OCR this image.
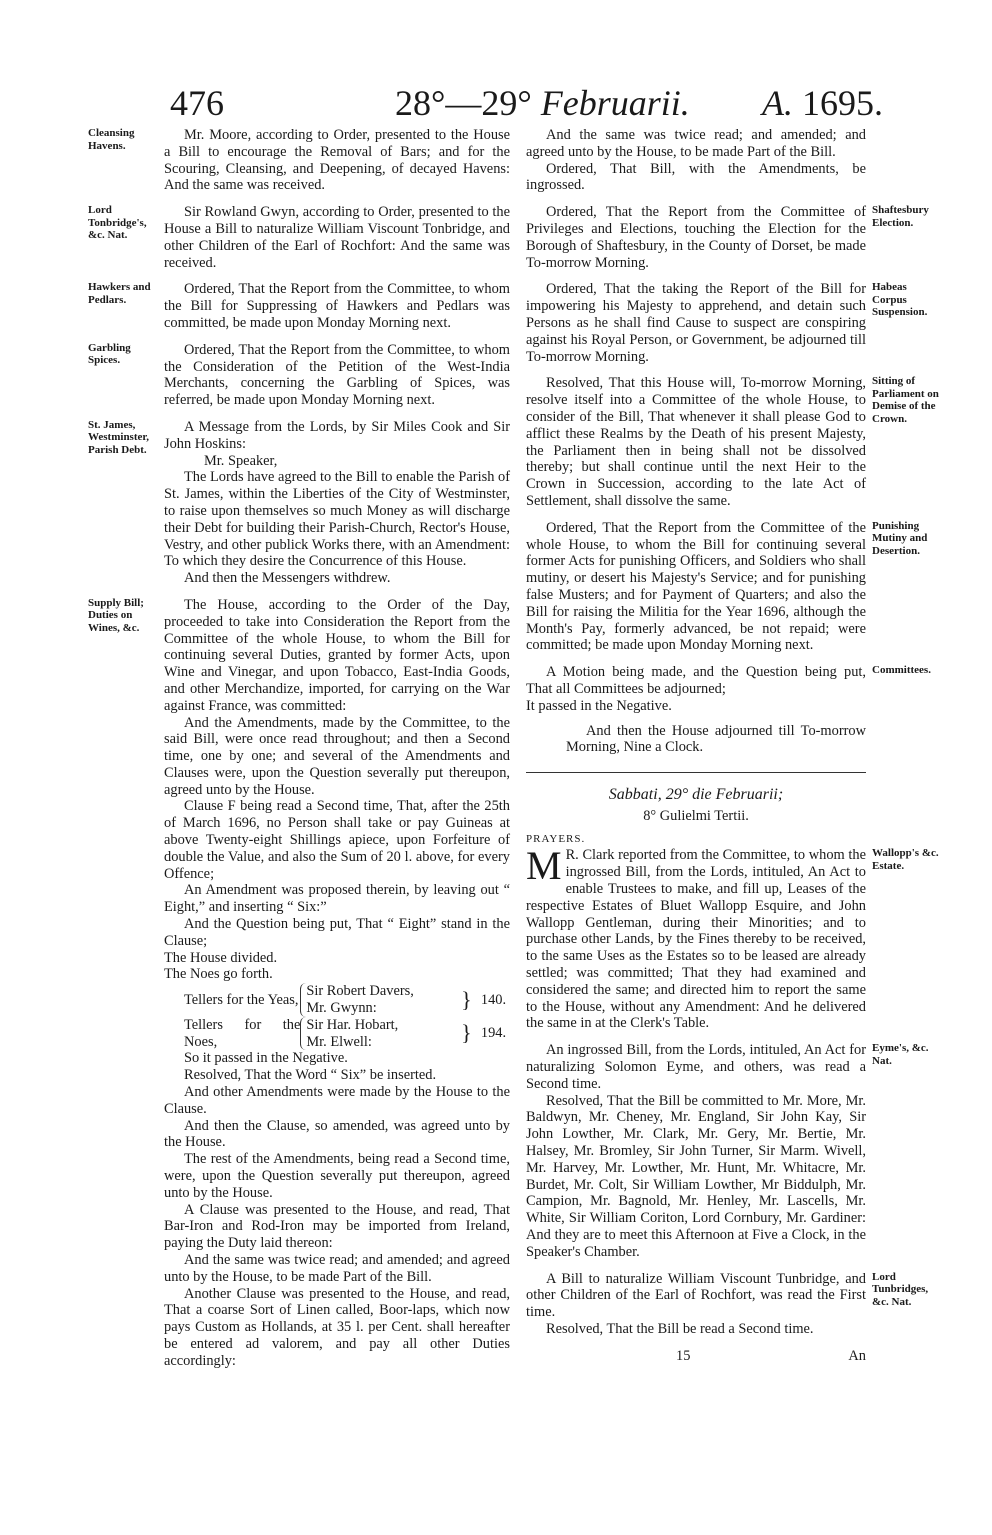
476	28°—29° Februarii. A. 1695.
Cleansing Havens.

Mr. Moore, according to Order, presented to the House a Bill to encourage the Removal of Bars; and for the Scouring, Cleansing, and Deepening, of decayed Havens: And the same was received.

Lord Tonbridge's, &c. Nat.

Sir Rowland Gwyn, according to Order, presented to the House a Bill to naturalize William Viscount Tonbridge, and other Children of the Earl of Rochfort: And the same was received.

Hawkers and Pedlars.

Ordered, That the Report from the Committee, to whom the Bill for Suppressing of Hawkers and Pedlars was committed, be made upon Monday Morning next.

Garbling Spices.

Ordered, That the Report from the Committee, to whom the Consideration of the Petition of the West-India Merchants, concerning the Garbling of Spices, was referred, be made upon Monday Morning next.

St. James, Westminster, Parish Debt.

A Message from the Lords, by Sir Miles Cook and Sir John Hoskins:

Mr. Speaker,

The Lords have agreed to the Bill to enable the Parish of St. James, within the Liberties of the City of Westminster, to raise upon themselves so much Money as will discharge their Debt for building their Parish-Church, Rector's House, Vestry, and other publick Works there, with an Amendment: To which they desire the Concurrence of this House.

And then the Messengers withdrew.

Supply Bill; Duties on Wines, &c.

The House, according to the Order of the Day, proceeded to take into Consideration the Report from the Committee of the whole House, to whom the Bill for continuing several Duties, granted by former Acts, upon Wine and Vinegar, and upon Tobacco, East-India Goods, and other Merchandize, imported, for carrying on the War against France, was committed:

And the Amendments, made by the Committee, to the said Bill, were once read throughout; and then a Second time, one by one; and several of the Amendments and Clauses were, upon the Question severally put thereupon, agreed unto by the House.

Clause F being read a Second time, That, after the 25th of March 1696, no Person shall take or pay Guineas at above Twenty-eight Shillings apiece, upon Forfeiture of double the Value, and also the Sum of 20 l. above, for every Offence;

An Amendment was proposed therein, by leaving out “ Eight,” and inserting “ Six:”

And the Question being put, That “ Eight” stand in the Clause;

The House divided.

The Noes go forth.

Tellers for the Yeas,
Sir Robert Davers,
Mr. Gwynn:	} 140.
Tellers for the Noes,
Sir Har. Hobart,
Mr. Elwell:	} 194.

So it passed in the Negative.

Resolved, That the Word “ Six” be inserted.

And other Amendments were made by the House to the Clause.

And then the Clause, so amended, was agreed unto by the House.

The rest of the Amendments, being read a Second time, were, upon the Question severally put thereupon, agreed unto by the House.

A Clause was presented to the House, and read, That Bar-Iron and Rod-Iron may be imported from Ireland, paying the Duty laid thereon:

And the same was twice read; and amended; and agreed unto by the House, to be made Part of the Bill.

Another Clause was presented to the House, and read, That a coarse Sort of Linen called, Boor-laps, which now pays Custom as Hollands, at 35 l. per Cent. shall hereafter be entered ad valorem, and pay all other Duties accordingly:

And the same was twice read; and amended; and agreed unto by the House, to be made Part of the Bill.

Ordered, That Bill, with the Amendments, be ingrossed.

Shaftesbury Election.

Ordered, That the Report from the Committee of Privileges and Elections, touching the Election for the Borough of Shaftesbury, in the County of Dorset, be made To-morrow Morning.

Habeas Corpus Suspension.

Ordered, That the taking the Report of the Bill for impowering his Majesty to apprehend, and detain such Persons as he shall find Cause to suspect are conspiring against his Royal Person, or Government, be adjourned till To-morrow Morning.

Sitting of Parliament on Demise of the Crown.

Resolved, That this House will, To-morrow Morning, resolve itself into a Committee of the whole House, to consider of the Bill, That whenever it shall please God to afflict these Realms by the Death of his present Majesty, the Parliament then in being shall not be dissolved thereby; but shall continue until the next Heir to the Crown in Succession, according to the late Act of Settlement, shall dissolve the same.

Punishing Mutiny and Desertion.

Ordered, That the Report from the Committee of the whole House, to whom the Bill for continuing several former Acts for punishing Officers, and Soldiers who shall mutiny, or desert his Majesty's Service; and for punishing false Musters; and for Payment of Quarters; and also the Bill for raising the Militia for the Year 1696, although the Month's Pay, formerly advanced, be not repaid; were committed; be made upon Monday Morning next.

Committees.

A Motion being made, and the Question being put, That all Committees be adjourned;

It passed in the Negative.

And then the House adjourned till To-morrow Morning, Nine a Clock.

Sabbati, 29° die Februarii;

8° Gulielmi Tertii.

PRAYERS.

Wallopp's &c. Estate.
M R. Clark reported from the Committee, to whom the ingrossed Bill, from the Lords, intituled, An Act to enable Trustees to make, and fill up, Leases of the respective Estates of Bluet Wallopp Esquire, and John Wallopp Gentleman, during their Minorities; and to purchase other Lands, by the Fines thereby to be received, to the same Uses as the Estates so to be leased are already settled; was committed; That they had examined and considered the same; and directed him to report the same to the House, without any Amendment: And he delivered the same in at the Clerk's Table.

Eyme's, &c. Nat.

An ingrossed Bill, from the Lords, intituled, An Act for naturalizing Solomon Eyme, and others, was read a Second time.

Resolved, That the Bill be committed to Mr. More, Mr. Baldwyn, Mr. Cheney, Mr. England, Sir John Kay, Sir John Lowther, Mr. Clark, Mr. Gery, Mr. Bertie, Mr. Halsey, Mr. Bromley, Sir John Turner, Sir Marm. Wivell, Mr. Harvey, Mr. Lowther, Mr. Hunt, Mr. Whitacre, Mr. Burdet, Mr. Colt, Sir William Lowther, Mr Biddulph, Mr. Campion, Mr. Bagnold, Mr. Henley, Mr. Lascells, Mr. White, Sir William Coriton, Lord Cornbury, Mr. Gardiner: And they are to meet this Afternoon at Five a Clock, in the Speaker's Chamber.

Lord Tunbridges, &c. Nat.

A Bill to naturalize William Viscount Tunbridge, and other Children of the Earl of Rochfort, was read the First time.

Resolved, That the Bill be read a Second time.

15	An
